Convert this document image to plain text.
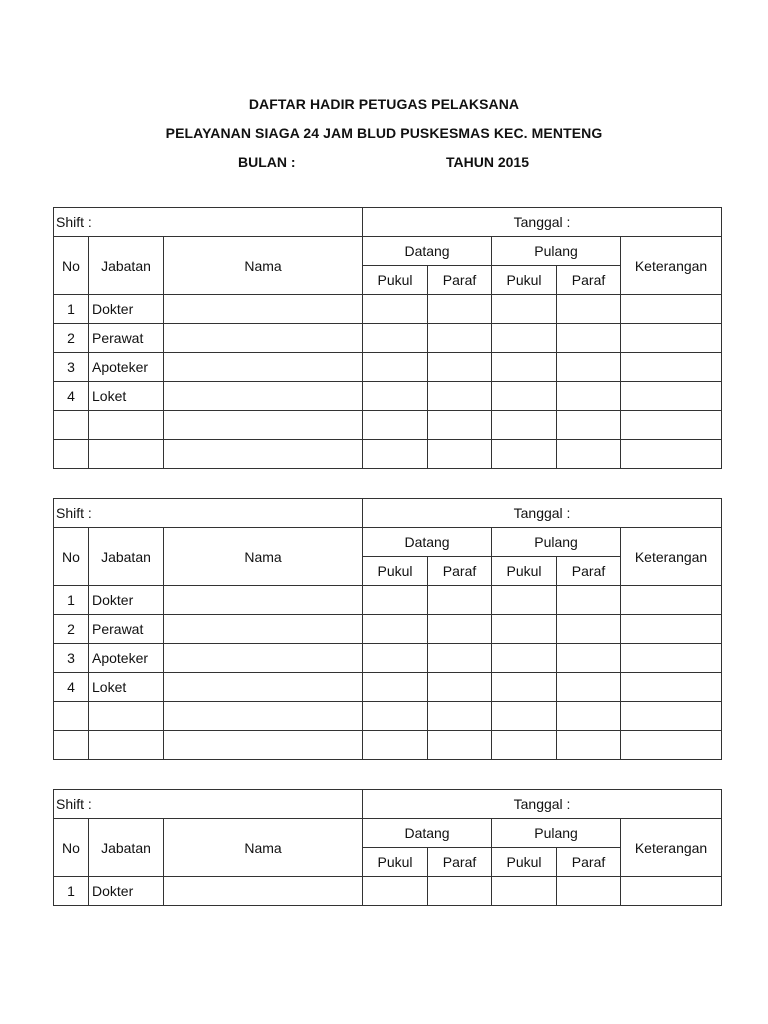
DAFTAR HADIR PETUGAS PELAKSANA
PELAYANAN SIAGA 24 JAM BLUD PUSKESMAS KEC. MENTENG
BULAN :	TAHUN 2015
Shift :			Tanggal :				
No	Jabatan	Nama	Datang		Pulang		Keterangan
			Pukul	Paraf	Pukul	Paraf	
1	Dokter						
2	Perawat						
3	Apoteker						
4	Loket						

Shift :			Tanggal :				
No	Jabatan	Nama	Datang		Pulang		Keterangan
			Pukul	Paraf	Pukul	Paraf	
1	Dokter						
2	Perawat						
3	Apoteker						
4	Loket						

Shift :			Tanggal :				
No	Jabatan	Nama	Datang		Pulang		Keterangan
			Pukul	Paraf	Pukul	Paraf	
1	Dokter						
